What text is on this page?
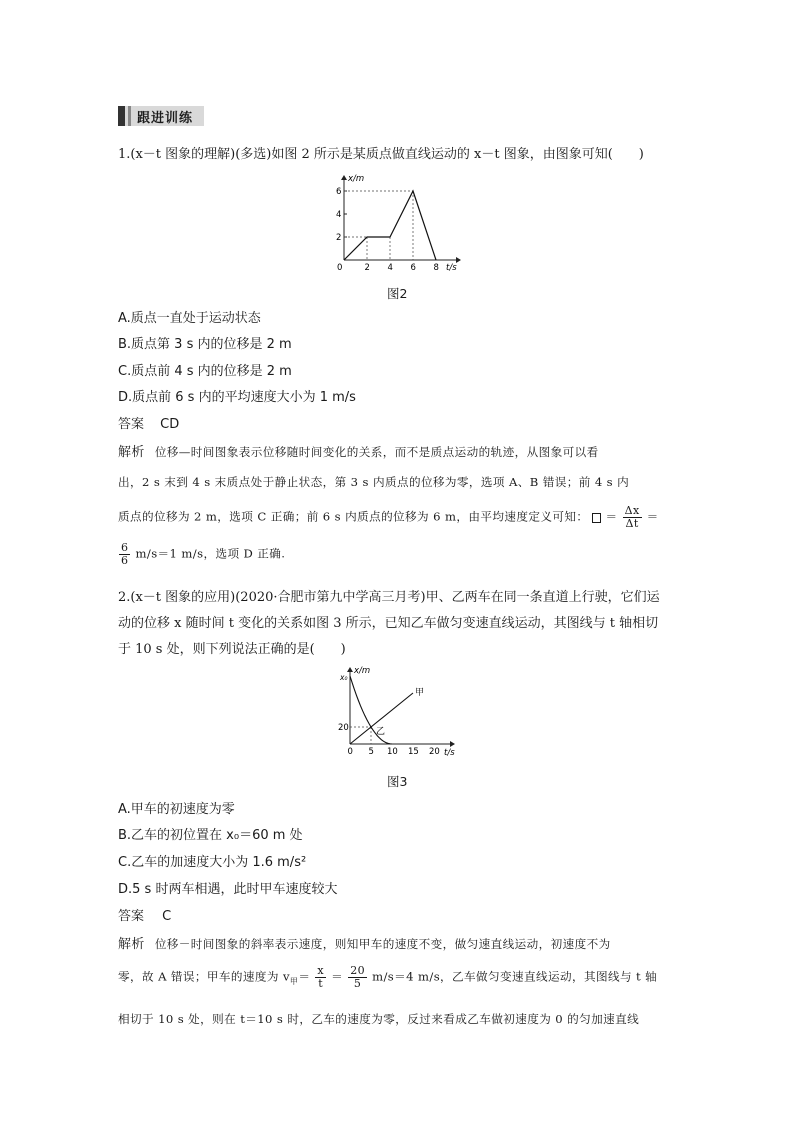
跟进训练
1.(x－t 图象的理解)(多选)如图 2 所示是某质点做直线运动的 x－t 图象，由图象可知(　　)
x/m
t/s
0	2 4 6 8
2
4
6
图2
A.质点一直处于运动状态
B.质点第 3 s 内的位移是 2 m
C.质点前 4 s 内的位移是 2 m
D.质点前 6 s 内的平均速度大小为 1 m/s
答案 CD
解析 位移—时间图象表示位移随时间变化的关系，而不是质点运动的轨迹，从图象可以看
出，2 s 末到 4 s 末质点处于静止状态，第 3 s 内质点的位移为零，选项 A、B 错误；前 4 s 内
质点的位移为 2 m，选项 C 正确；前 6 s 内质点的位移为 6 m，由平均速度定义可知： ＝ $\frac{\Delta x}{\Delta t}$ ＝
$\frac{6}{6} m/s=1$ m/s，选项 D 正确.
2.(x－t 图象的应用)(2020·合肥市第九中学高三月考)甲、乙两车在同一条直道上行驶，它们运
动的位移 x 随时间 t 变化的关系如图 3 所示，已知乙车做匀变速直线运动，其图线与 t 轴相切
于 10 s 处，则下列说法正确的是(　　)
x/m
t/s
0 5 10 15 20
20
x₀
甲
乙
图3
A.甲车的初速度为零
B.乙车的初位置在 x₀＝60 m 处
C.乙车的加速度大小为 1.6 m/s²
D.5 s 时两车相遇，此时甲车速度较大
答案 C
解析 位移－时间图象的斜率表示速度，则知甲车的速度不变，做匀速直线运动，初速度不为
零，故 A 错误；甲车的速度为 $v_甲= \frac{x}{t} = \frac{20}{5} m/s=4$ m/s，乙车做匀变速直线运动，其图线与 t 轴
相切于 10 s 处，则在 t＝10 s 时，乙车的速度为零，反过来看成乙车做初速度为 0 的匀加速直线
